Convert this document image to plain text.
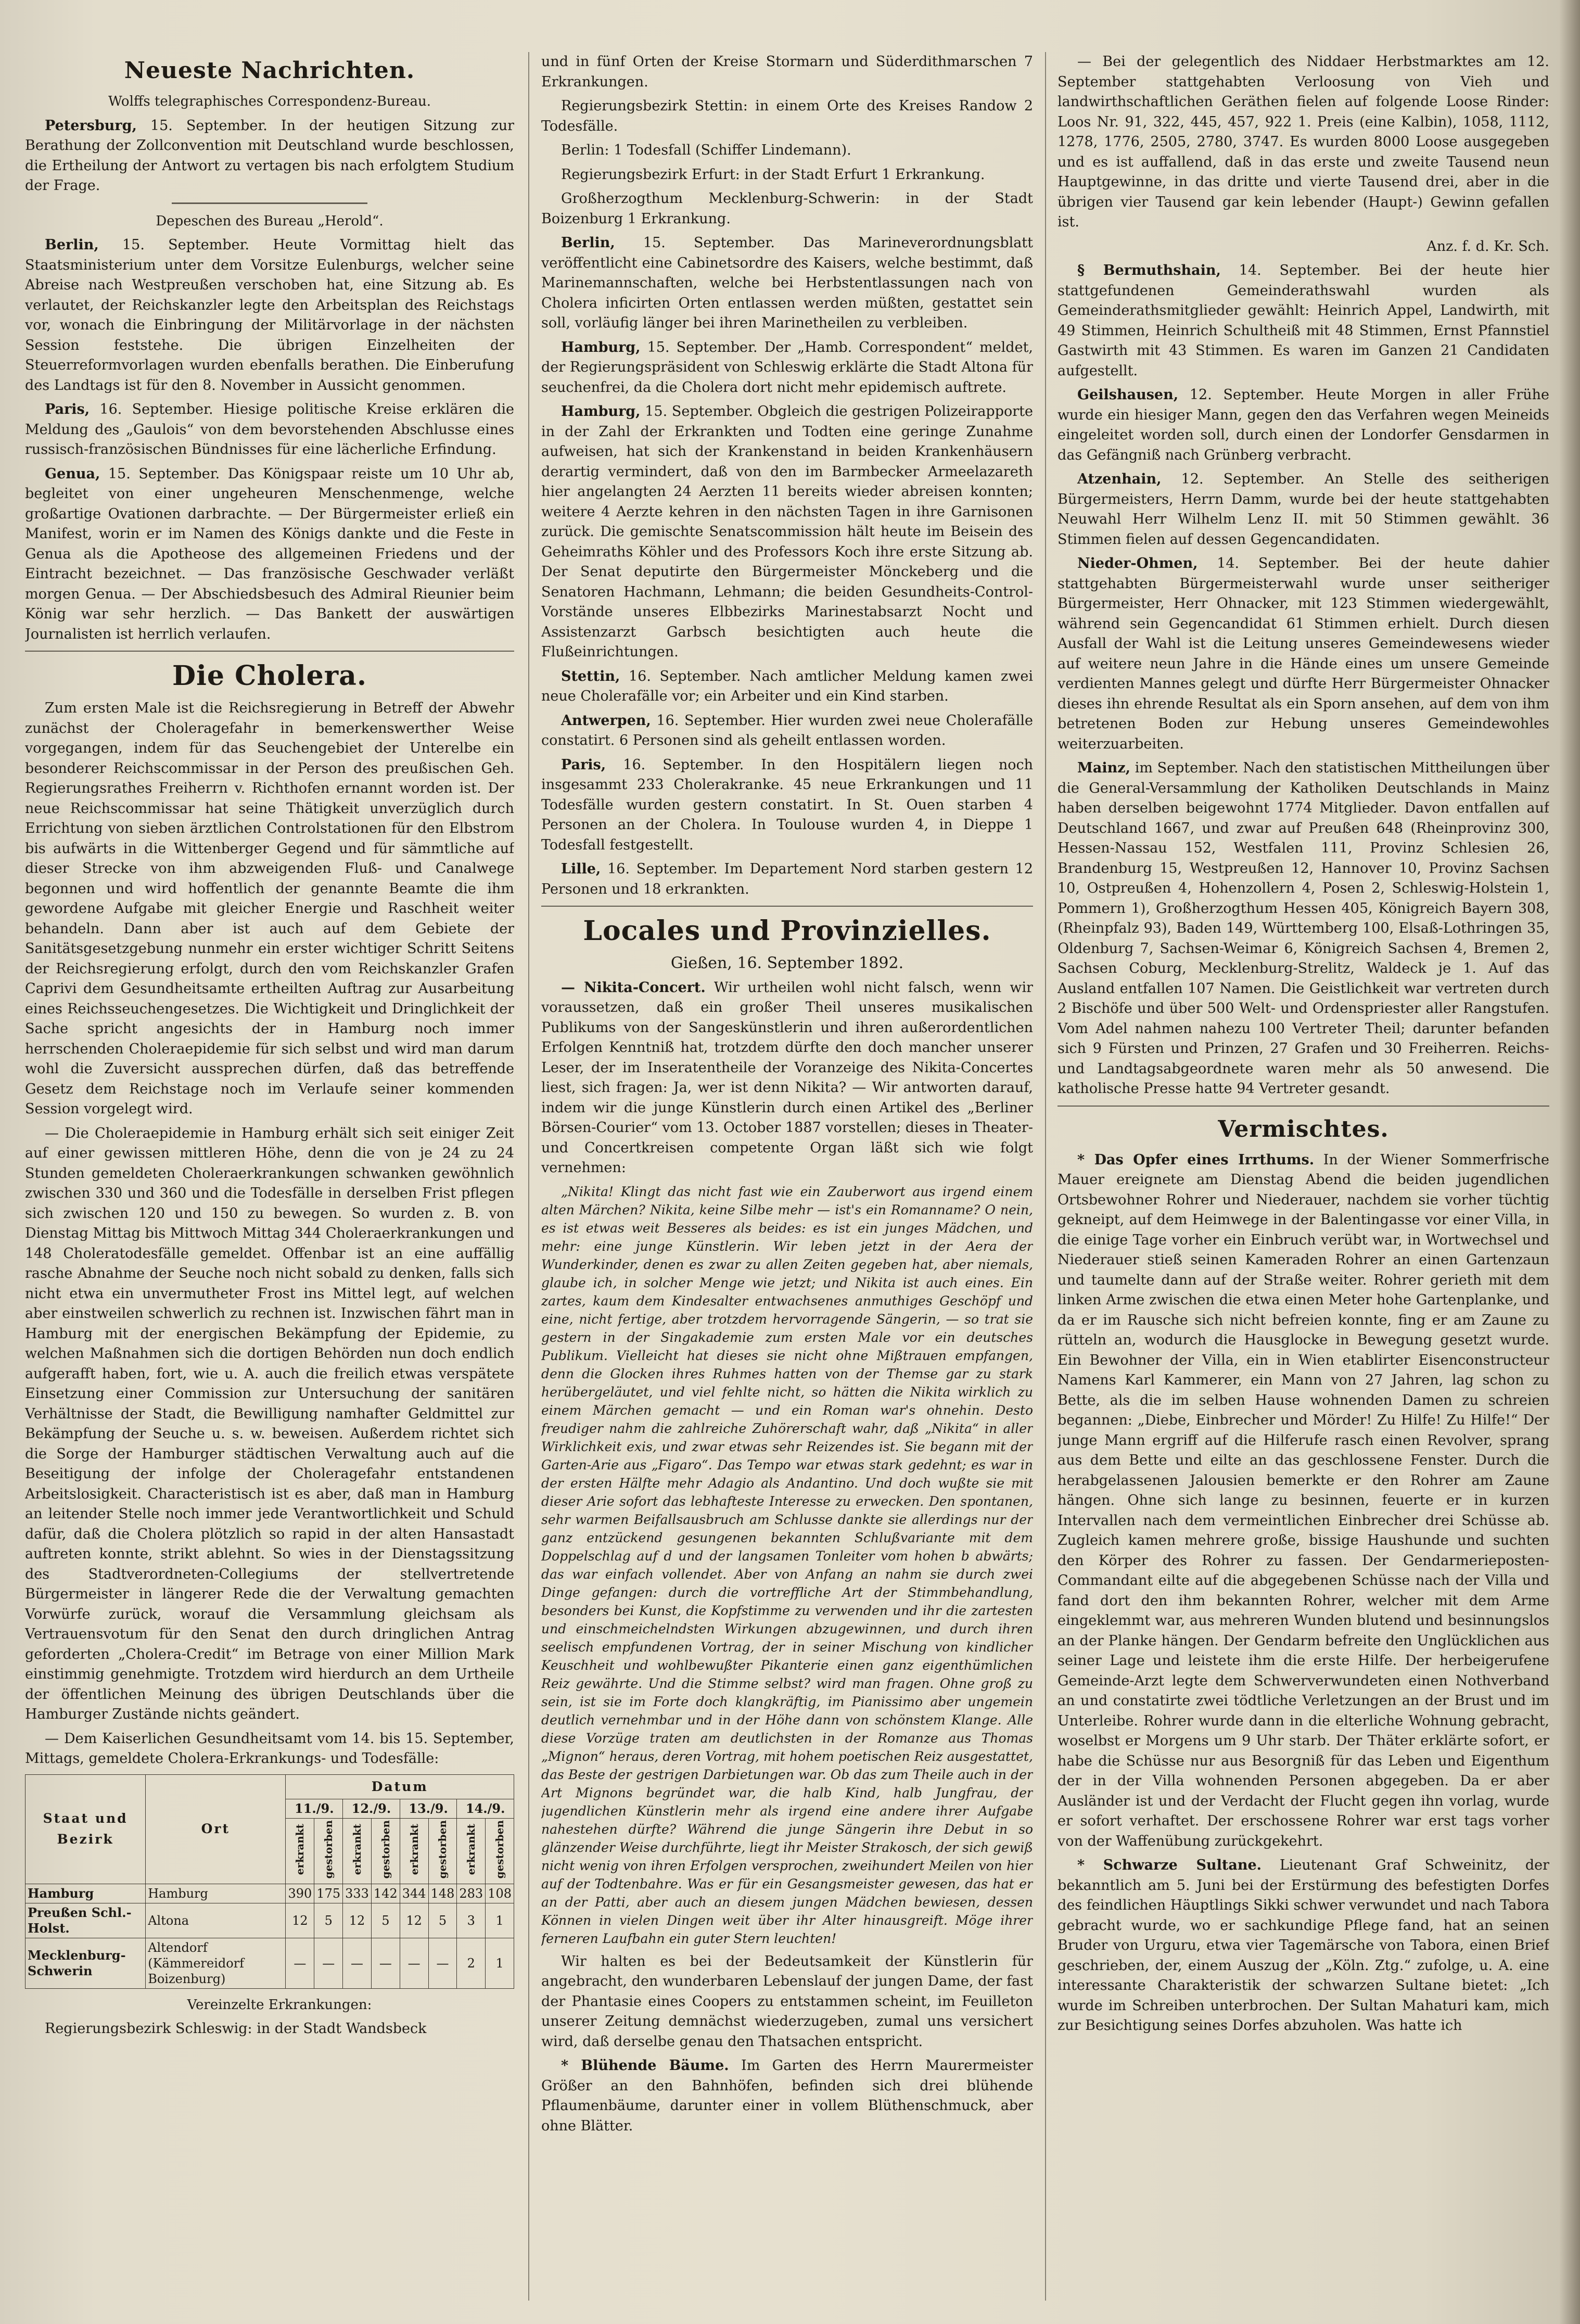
Neueste Nachrichten.
Wolffs telegraphisches Correspondenz-Bureau.

Petersburg, 15. September. In der heutigen Sitzung zur Berathung der Zollconvention mit Deutschland wurde beschlossen, die Ertheilung der Antwort zu vertagen bis nach erfolgtem Studium der Frage.

Depeschen des Bureau „Herold“.

Berlin, 15. September. Heute Vormittag hielt das Staatsministerium unter dem Vorsitze Eulenburgs, welcher seine Abreise nach Westpreußen verschoben hat, eine Sitzung ab. Es verlautet, der Reichskanzler legte den Arbeitsplan des Reichstags vor, wonach die Einbringung der Militärvorlage in der nächsten Session feststehe. Die übrigen Einzelheiten der Steuerreformvorlagen wurden ebenfalls berathen. Die Einberufung des Landtags ist für den 8. November in Aussicht genommen.

Paris, 16. September. Hiesige politische Kreise erklären die Meldung des „Gaulois“ von dem bevorstehenden Abschlusse eines russisch-französischen Bündnisses für eine lächerliche Erfindung.

Genua, 15. September. Das Königspaar reiste um 10 Uhr ab, begleitet von einer ungeheuren Menschenmenge, welche großartige Ovationen darbrachte. — Der Bürgermeister erließ ein Manifest, worin er im Namen des Königs dankte und die Feste in Genua als die Apotheose des allgemeinen Friedens und der Eintracht bezeichnet. — Das französische Geschwader verläßt morgen Genua. — Der Abschiedsbesuch des Admiral Rieunier beim König war sehr herzlich. — Das Bankett der auswärtigen Journalisten ist herrlich verlaufen.

Die Cholera.

Zum ersten Male ist die Reichsregierung in Betreff der Abwehr zunächst der Choleragefahr in bemerkenswerther Weise vorgegangen, indem für das Seuchengebiet der Unterelbe ein besonderer Reichscommissar in der Person des preußischen Geh. Regierungsrathes Freiherrn v. Richthofen ernannt worden ist. Der neue Reichscommissar hat seine Thätigkeit unverzüglich durch Errichtung von sieben ärztlichen Controlstationen für den Elbstrom bis aufwärts in die Wittenberger Gegend und für sämmtliche auf dieser Strecke von ihm abzweigenden Fluß- und Canalwege begonnen und wird hoffentlich der genannte Beamte die ihm gewordene Aufgabe mit gleicher Energie und Raschheit weiter behandeln. Dann aber ist auch auf dem Gebiete der Sanitätsgesetzgebung nunmehr ein erster wichtiger Schritt Seitens der Reichsregierung erfolgt, durch den vom Reichskanzler Grafen Caprivi dem Gesundheitsamte ertheilten Auftrag zur Ausarbeitung eines Reichsseuchengesetzes. Die Wichtigkeit und Dringlichkeit der Sache spricht angesichts der in Hamburg noch immer herrschenden Choleraepidemie für sich selbst und wird man darum wohl die Zuversicht aussprechen dürfen, daß das betreffende Gesetz dem Reichstage noch im Verlaufe seiner kommenden Session vorgelegt wird.

— Die Choleraepidemie in Hamburg erhält sich seit einiger Zeit auf einer gewissen mittleren Höhe, denn die von je 24 zu 24 Stunden gemeldeten Cholerаerkrankungen schwanken gewöhnlich zwischen 330 und 360 und die Todesfälle in derselben Frist pflegen sich zwischen 120 und 150 zu bewegen. So wurden z. B. von Dienstag Mittag bis Mittwoch Mittag 344 Cholerаerkrankungen und 148 Choleratodesfälle gemeldet. Offenbar ist an eine auffällig rasche Abnahme der Seuche noch nicht sobald zu denken, falls sich nicht etwa ein unvermutheter Frost ins Mittel legt, auf welchen aber einstweilen schwerlich zu rechnen ist. Inzwischen fährt man in Hamburg mit der energischen Bekämpfung der Epidemie, zu welchen Maßnahmen sich die dortigen Behörden nun doch endlich aufgerafft haben, fort, wie u. A. auch die freilich etwas verspätete Einsetzung einer Commission zur Untersuchung der sanitären Verhältnisse der Stadt, die Bewilligung namhafter Geldmittel zur Bekämpfung der Seuche u. s. w. beweisen. Außerdem richtet sich die Sorge der Hamburger städtischen Verwaltung auch auf die Beseitigung der infolge der Choleragefahr entstandenen Arbeitslosigkeit. Characteristisch ist es aber, daß man in Hamburg an leitender Stelle noch immer jede Verantwortlichkeit und Schuld dafür, daß die Cholera plötzlich so rapid in der alten Hansastadt auftreten konnte, strikt ablehnt. So wies in der Dienstagssitzung des Stadtverordneten-Collegiums der stellvertretende Bürgermeister in längerer Rede die der Verwaltung gemachten Vorwürfe zurück, worauf die Versammlung gleichsam als Vertrauensvotum für den Senat den durch dringlichen Antrag geforderten „Cholera-Credit“ im Betrage von einer Million Mark einstimmig genehmigte. Trotzdem wird hierdurch an dem Urtheile der öffentlichen Meinung des übrigen Deutschlands über die Hamburger Zustände nichts geändert.

— Dem Kaiserlichen Gesundheitsamt vom 14. bis 15. September, Mittags, gemeldete Cholera-Erkrankungs- und Todesfälle:

Staat und Bezirk	Ort	Datum							
		11./9.		12./9.		13./9.		14./9.	
		erkrankt	gestorben	erkrankt	gestorben	erkrankt	gestorben	erkrankt	gestorben
Hamburg	Hamburg	390	175	333	142	344	148	283	108
Preußen Schl.-Holst.	Altona	12	5	12	5	12	5	3	1
Mecklenburg-Schwerin	Altendorf (Kämmereidorf Boizenburg)	—	—	—	—	—	—	2	1

Vereinzelte Erkrankungen:

Regierungsbezirk Schleswig: in der Stadt Wandsbeck

und in fünf Orten der Kreise Stormarn und Süderdithmarschen 7 Erkrankungen.

Regierungsbezirk Stettin: in einem Orte des Kreises Randow 2 Todesfälle.

Berlin: 1 Todesfall (Schiffer Lindemann).

Regierungsbezirk Erfurt: in der Stadt Erfurt 1 Erkrankung.

Großherzogthum Mecklenburg-Schwerin: in der Stadt Boizenburg 1 Erkrankung.

Berlin, 15. September. Das Marineverordnungsblatt veröffentlicht eine Cabinetsordre des Kaisers, welche bestimmt, daß Marinemannschaften, welche bei Herbstentlassungen nach von Cholera inficirten Orten entlassen werden müßten, gestattet sein soll, vorläufig länger bei ihren Marinetheilen zu verbleiben.

Hamburg, 15. September. Der „Hamb. Correspondent“ meldet, der Regierungspräsident von Schleswig erklärte die Stadt Altona für seuchenfrei, da die Cholera dort nicht mehr epidemisch auftrete.

Hamburg, 15. September. Obgleich die gestrigen Polizeirapporte in der Zahl der Erkrankten und Todten eine geringe Zunahme aufweisen, hat sich der Krankenstand in beiden Krankenhäusern derartig vermindert, daß von den im Barmbecker Armeelazareth hier angelangten 24 Aerzten 11 bereits wieder abreisen konnten; weitere 4 Aerzte kehren in den nächsten Tagen in ihre Garnisonen zurück. Die gemischte Senatscommission hält heute im Beisein des Geheimraths Köhler und des Professors Koch ihre erste Sitzung ab. Der Senat deputirte den Bürgermeister Mönckeberg und die Senatoren Hachmann, Lehmann; die beiden Gesundheits-Control-Vorstände unseres Elbbezirks Marinestabsarzt Nocht und Assistenzarzt Garbsch besichtigten auch heute die Flußeinrichtungen.

Stettin, 16. September. Nach amtlicher Meldung kamen zwei neue Cholerafälle vor; ein Arbeiter und ein Kind starben.

Antwerpen, 16. September. Hier wurden zwei neue Cholerafälle constatirt. 6 Personen sind als geheilt entlassen worden.

Paris, 16. September. In den Hospitälern liegen noch insgesammt 233 Cholerakranke. 45 neue Erkrankungen und 11 Todesfälle wurden gestern constatirt. In St. Ouen starben 4 Personen an der Cholera. In Toulouse wurden 4, in Dieppe 1 Todesfall festgestellt.

Lille, 16. September. Im Departement Nord starben gestern 12 Personen und 18 erkrankten.

Locales und Provinzielles.
Gießen, 16. September 1892.

— Nikita-Concert. Wir urtheilen wohl nicht falsch, wenn wir voraussetzen, daß ein großer Theil unseres musikalischen Publikums von der Sangeskünstlerin und ihren außerordentlichen Erfolgen Kenntniß hat, trotzdem dürfte den doch mancher unserer Leser, der im Inseratentheile der Voranzeige des Nikita-Concertes liest, sich fragen: Ja, wer ist denn Nikita? — Wir antworten darauf, indem wir die junge Künstlerin durch einen Artikel des „Berliner Börsen-Courier“ vom 13. October 1887 vorstellen; dieses in Theater- und Concertkreisen competente Organ läßt sich wie folgt vernehmen:

„Nikita! Klingt das nicht fast wie ein Zauberwort aus irgend einem alten Märchen? Nikita, keine Silbe mehr — ist's ein Romanname? O nein, es ist etwas weit Besseres als beides: es ist ein junges Mädchen, und mehr: eine junge Künstlerin. Wir leben jetzt in der Aera der Wunderkinder, denen es zwar zu allen Zeiten gegeben hat, aber niemals, glaube ich, in solcher Menge wie jetzt; und Nikita ist auch eines. Ein zartes, kaum dem Kindesalter entwachsenes anmuthiges Geschöpf und eine, nicht fertige, aber trotzdem hervorragende Sängerin, — so trat sie gestern in der Singakademie zum ersten Male vor ein deutsches Publikum. Vielleicht hat dieses sie nicht ohne Mißtrauen empfangen, denn die Glocken ihres Ruhmes hatten von der Themse gar zu stark herübergeläutet, und viel fehlte nicht, so hätten die Nikita wirklich zu einem Märchen gemacht — und ein Roman war's ohnehin. Desto freudiger nahm die zahlreiche Zuhörerschaft wahr, daß „Nikita“ in aller Wirklichkeit exis, und zwar etwas sehr Reizendes ist. Sie begann mit der Garten-Arie aus „Figaro“. Das Tempo war etwas stark gedehnt; es war in der ersten Hälfte mehr Adagio als Andantino. Und doch wußte sie mit dieser Arie sofort das lebhafteste Interesse zu erwecken. Den spontanen, sehr warmen Beifallsausbruch am Schlusse dankte sie allerdings nur der ganz entzückend gesungenen bekannten Schlußvariante mit dem Doppelschlag auf d und der langsamen Tonleiter vom hohen b abwärts; das war einfach vollendet. Aber von Anfang an nahm sie durch zwei Dinge gefangen: durch die vortreffliche Art der Stimmbehandlung, besonders bei Kunst, die Kopfstimme zu verwenden und ihr die zartesten und einschmeichelndsten Wirkungen abzugewinnen, und durch ihren seelisch empfundenen Vortrag, der in seiner Mischung von kindlicher Keuschheit und wohlbewußter Pikanterie einen ganz eigenthümlichen Reiz gewährte. Und die Stimme selbst? wird man fragen. Ohne groß zu sein, ist sie im Forte doch klangkräftig, im Pianissimo aber ungemein deutlich vernehmbar und in der Höhe dann von schönstem Klange. Alle diese Vorzüge traten am deutlichsten in der Romanze aus Thomas „Mignon“ heraus, deren Vortrag, mit hohem poetischen Reiz ausgestattet, das Beste der gestrigen Darbietungen war. Ob das zum Theile auch in der Art Mignons begründet war, die halb Kind, halb Jungfrau, der jugendlichen Künstlerin mehr als irgend eine andere ihrer Aufgabe nahestehen dürfte? Während die junge Sängerin ihre Debut in so glänzender Weise durchführte, liegt ihr Meister Strakosch, der sich gewiß nicht wenig von ihren Erfolgen versprochen, zweihundert Meilen von hier auf der Todtenbahre. Was er für ein Gesangsmeister gewesen, das hat er an der Patti, aber auch an diesem jungen Mädchen bewiesen, dessen Können in vielen Dingen weit über ihr Alter hinausgreift. Möge ihrer ferneren Laufbahn ein guter Stern leuchten!

Wir halten es bei der Bedeutsamkeit der Künstlerin für angebracht, den wunderbaren Lebenslauf der jungen Dame, der fast der Phantasie eines Coopers zu entstammen scheint, im Feuilleton unserer Zeitung demnächst wiederzugeben, zumal uns versichert wird, daß derselbe genau den Thatsachen entspricht.

* Blühende Bäume. Im Garten des Herrn Maurermeister Größer an den Bahnhöfen, befinden sich drei blühende Pflaumenbäume, darunter einer in vollem Blüthenschmuck, aber ohne Blätter.

— Bei der gelegentlich des Niddaer Herbstmarktes am 12. September stattgehabten Verloosung von Vieh und landwirthschaftlichen Geräthen fielen auf folgende Loose Rinder: Loos Nr. 91, 322, 445, 457, 922 1. Preis (eine Kalbin), 1058, 1112, 1278, 1776, 2505, 2780, 3747. Es wurden 8000 Loose ausgegeben und es ist auffallend, daß in das erste und zweite Tausend neun Hauptgewinne, in das dritte und vierte Tausend drei, aber in die übrigen vier Tausend gar kein lebender (Haupt-) Gewinn gefallen ist.

Anz. f. d. Kr. Sch.

§ Bermuthshain, 14. September. Bei der heute hier stattgefundenen Gemeinderathswahl wurden als Gemeinderathsmitglieder gewählt: Heinrich Appel, Landwirth, mit 49 Stimmen, Heinrich Schultheiß mit 48 Stimmen, Ernst Pfannstiel Gastwirth mit 43 Stimmen. Es waren im Ganzen 21 Candidaten aufgestellt.

Geilshausen, 12. September. Heute Morgen in aller Frühe wurde ein hiesiger Mann, gegen den das Verfahren wegen Meineids eingeleitet worden soll, durch einen der Londorfer Gensdarmen in das Gefängniß nach Grünberg verbracht.

Atzenhain, 12. September. An Stelle des seitherigen Bürgermeisters, Herrn Damm, wurde bei der heute stattgehabten Neuwahl Herr Wilhelm Lenz II. mit 50 Stimmen gewählt. 36 Stimmen fielen auf dessen Gegencandidaten.

Nieder-Ohmen, 14. September. Bei der heute dahier stattgehabten Bürgermeisterwahl wurde unser seitheriger Bürgermeister, Herr Ohnacker, mit 123 Stimmen wiedergewählt, während sein Gegencandidat 61 Stimmen erhielt. Durch diesen Ausfall der Wahl ist die Leitung unseres Gemeindewesens wieder auf weitere neun Jahre in die Hände eines um unsere Gemeinde verdienten Mannes gelegt und dürfte Herr Bürgermeister Ohnacker dieses ihn ehrende Resultat als ein Sporn ansehen, auf dem von ihm betretenen Boden zur Hebung unseres Gemeindewohles weiterzuarbeiten.

Mainz, im September. Nach den statistischen Mittheilungen über die General-Versammlung der Katholiken Deutschlands in Mainz haben derselben beigewohnt 1774 Mitglieder. Davon entfallen auf Deutschland 1667, und zwar auf Preußen 648 (Rheinprovinz 300, Hessen-Nassau 152, Westfalen 111, Provinz Schlesien 26, Brandenburg 15, Westpreußen 12, Hannover 10, Provinz Sachsen 10, Ostpreußen 4, Hohenzollern 4, Posen 2, Schleswig-Holstein 1, Pommern 1), Großherzogthum Hessen 405, Königreich Bayern 308, (Rheinpfalz 93), Baden 149, Württemberg 100, Elsaß-Lothringen 35, Oldenburg 7, Sachsen-Weimar 6, Königreich Sachsen 4, Bremen 2, Sachsen Coburg, Mecklenburg-Strelitz, Waldeck je 1. Auf das Ausland entfallen 107 Namen. Die Geistlichkeit war vertreten durch 2 Bischöfe und über 500 Welt- und Ordenspriester aller Rangstufen. Vom Adel nahmen nahezu 100 Vertreter Theil; darunter befanden sich 9 Fürsten und Prinzen, 27 Grafen und 30 Freiherren. Reichs- und Landtagsabgeordnete waren mehr als 50 anwesend. Die katholische Presse hatte 94 Vertreter gesandt.

Vermischtes.

* Das Opfer eines Irrthums. In der Wiener Sommerfrische Mauer ereignete am Dienstag Abend die beiden jugendlichen Ortsbewohner Rohrer und Niederauer, nachdem sie vorher tüchtig gekneipt, auf dem Heimwege in der Balentingasse vor einer Villa, in die einige Tage vorher ein Einbruch verübt war, in Wortwechsel und Niederauer stieß seinen Kameraden Rohrer an einen Gartenzaun und taumelte dann auf der Straße weiter. Rohrer gerieth mit dem linken Arme zwischen die etwa einen Meter hohe Gartenplanke, und da er im Rausche sich nicht befreien konnte, fing er am Zaune zu rütteln an, wodurch die Hausglocke in Bewegung gesetzt wurde. Ein Bewohner der Villa, ein in Wien etablirter Eisenconstructeur Namens Karl Kammerer, ein Mann von 27 Jahren, lag schon zu Bette, als die im selben Hause wohnenden Damen zu schreien begannen: „Diebe, Einbrecher und Mörder! Zu Hilfe! Zu Hilfe!“ Der junge Mann ergriff auf die Hilferufe rasch einen Revolver, sprang aus dem Bette und eilte an das geschlossene Fenster. Durch die herabgelassenen Jalousien bemerkte er den Rohrer am Zaune hängen. Ohne sich lange zu besinnen, feuerte er in kurzen Intervallen nach dem vermeintlichen Einbrecher drei Schüsse ab. Zugleich kamen mehrere große, bissige Haushunde und suchten den Körper des Rohrer zu fassen. Der Gendarmerieposten-Commandant eilte auf die abgegebenen Schüsse nach der Villa und fand dort den ihm bekannten Rohrer, welcher mit dem Arme eingeklemmt war, aus mehreren Wunden blutend und besinnungslos an der Planke hängen. Der Gendarm befreite den Unglücklichen aus seiner Lage und leistete ihm die erste Hilfe. Der herbeigerufene Gemeinde-Arzt legte dem Schwerverwundeten einen Nothverband an und constatirte zwei tödtliche Verletzungen an der Brust und im Unterleibe. Rohrer wurde dann in die elterliche Wohnung gebracht, woselbst er Morgens um 9 Uhr starb. Der Thäter erklärte sofort, er habe die Schüsse nur aus Besorgniß für das Leben und Eigenthum der in der Villa wohnenden Personen abgegeben. Da er aber Ausländer ist und der Verdacht der Flucht gegen ihn vorlag, wurde er sofort verhaftet. Der erschossene Rohrer war erst tags vorher von der Waffenübung zurückgekehrt.

* Schwarze Sultane. Lieutenant Graf Schweinitz, der bekanntlich am 5. Juni bei der Erstürmung des befestigten Dorfes des feindlichen Häuptlings Sikki schwer verwundet und nach Tabora gebracht wurde, wo er sachkundige Pflege fand, hat an seinen Bruder von Urguru, etwa vier Tagemärsche von Tabora, einen Brief geschrieben, der, einem Auszug der „Köln. Ztg.“ zufolge, u. A. eine interessante Charakteristik der schwarzen Sultane bietet: „Ich wurde im Schreiben unterbrochen. Der Sultan Mahaturi kam, mich zur Besichtigung seines Dorfes abzuholen. Was hatte ich
